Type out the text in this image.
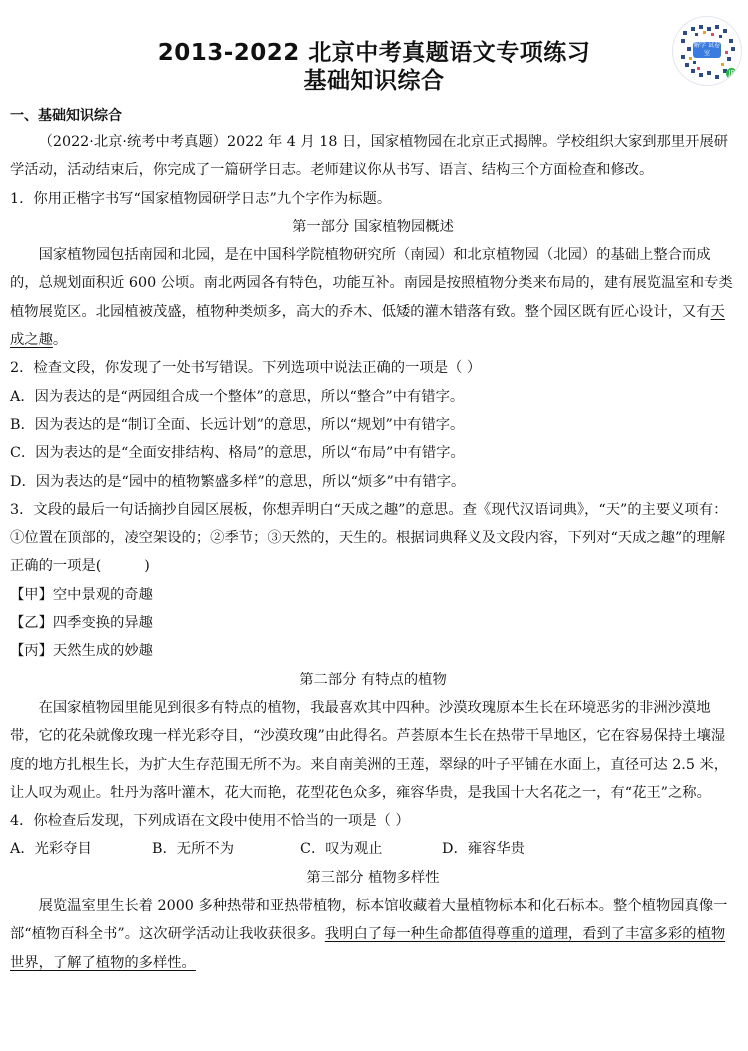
2013-2022 北京中考真题语文专项练习
基础知识综合
解学 试卷室
JP

一、基础知识综合

（2022·北京·统考中考真题）2022 年 4 月 18 日，国家植物园在北京正式揭牌。学校组织大家到那里开展研学活动，活动结束后，你完成了一篇研学日志。老师建议你从书写、语言、结构三个方面检查和修改。

1．你用正楷字书写“国家植物园研学日志”九个字作为标题。

第一部分 国家植物园概述

国家植物园包括南园和北园，是在中国科学院植物研究所（南园）和北京植物园（北园）的基础上整合而成的，总规划面积近 600 公顷。南北两园各有特色，功能互补。南园是按照植物分类来布局的，建有展览温室和专类植物展览区。北园植被茂盛，植物种类烦多，高大的乔木、低矮的灌木错落有致。整个园区既有匠心设计，又有天成之趣。

2．检查文段，你发现了一处书写错误。下列选项中说法正确的一项是（ ）

A．因为表达的是“两园组合成一个整体”的意思，所以“整合”中有错字。

B．因为表达的是“制订全面、长远计划”的意思，所以“规划”中有错字。

C．因为表达的是“全面安排结构、格局”的意思，所以“布局”中有错字。

D．因为表达的是“园中的植物繁盛多样”的意思，所以“烦多”中有错字。

3．文段的最后一句话摘抄自园区展板，你想弄明白“天成之趣”的意思。查《现代汉语词典》，“天”的主要义项有：①位置在顶部的，凌空架设的；②季节；③天然的，天生的。根据词典释义及文段内容，下列对“天成之趣”的理解正确的一项是(　　　)

【甲】空中景观的奇趣

【乙】四季变换的异趣

【丙】天然生成的妙趣

第二部分 有特点的植物

在国家植物园里能见到很多有特点的植物，我最喜欢其中四种。沙漠玫瑰原本生长在环境恶劣的非洲沙漠地带，它的花朵就像玫瑰一样光彩夺目，“沙漠玫瑰”由此得名。芦荟原本生长在热带干旱地区，它在容易保持土壤湿度的地方扎根生长，为扩大生存范围无所不为。来自南美洲的王莲，翠绿的叶子平铺在水面上，直径可达 2.5 米，让人叹为观止。牡丹为落叶灌木，花大而艳，花型花色众多，雍容华贵，是我国十大名花之一，有“花王”之称。

4．你检查后发现，下列成语在文段中使用不恰当的一项是（ ）

A．光彩夺目	B．无所不为	C．叹为观止	D．雍容华贵

第三部分 植物多样性

展览温室里生长着 2000 多种热带和亚热带植物，标本馆收藏着大量植物标本和化石标本。整个植物园真像一部“植物百科全书”。这次研学活动让我收获很多。我明白了每一种生命都值得尊重的道理，看到了丰富多彩的植物世界，了解了植物的多样性。
